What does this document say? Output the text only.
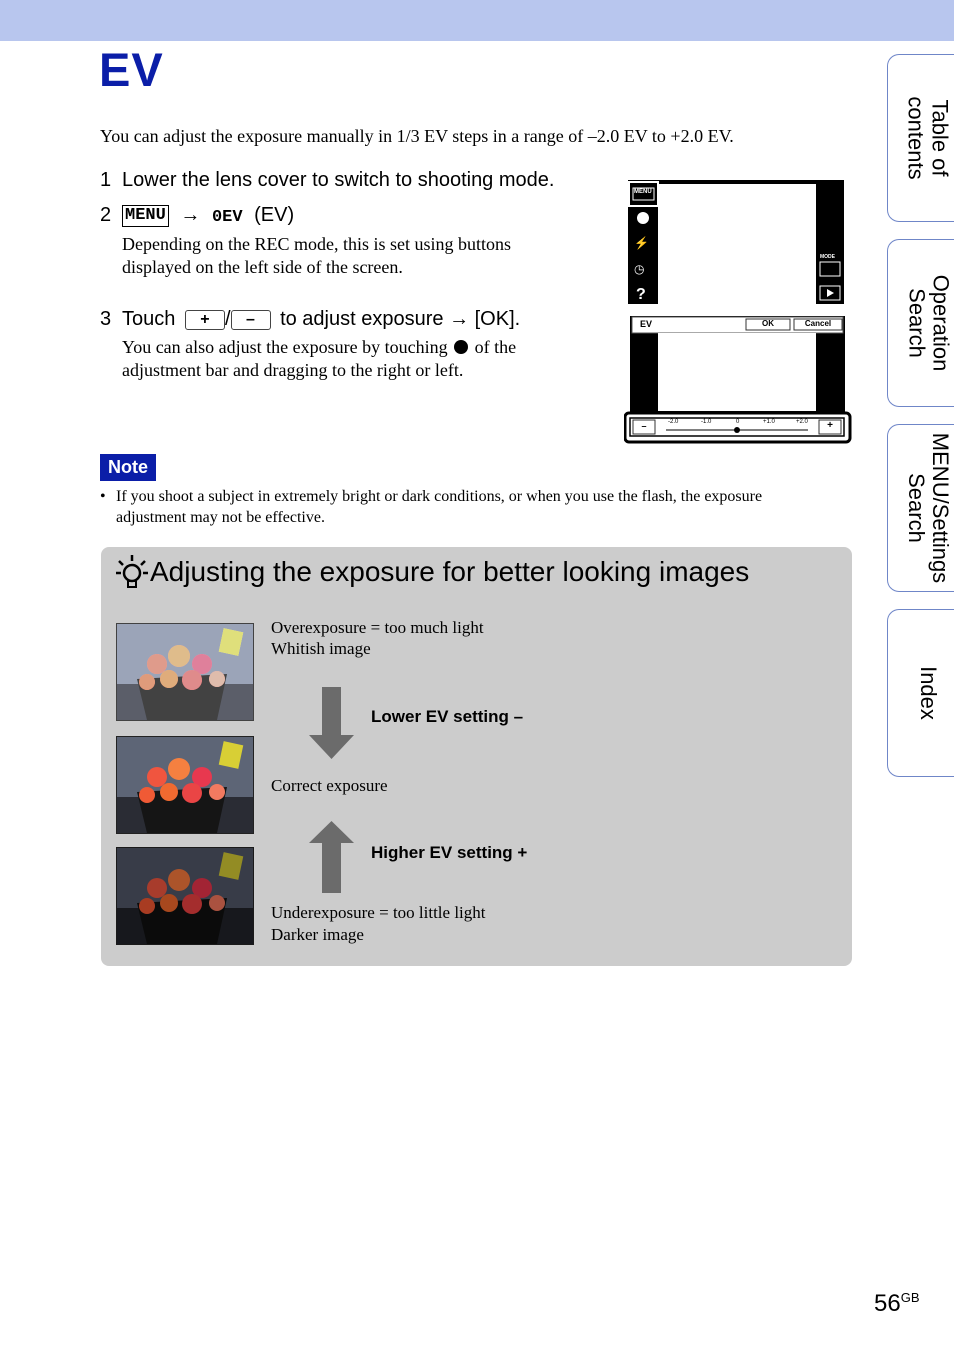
EV
You can adjust the exposure manually in 1/3 EV steps in a range of –2.0 EV to +2.0 EV.
1 Lower the lens cover to switch to shooting mode.
2 MENU → 0EV (EV)
Depending on the REC mode, this is set using buttons displayed on the left side of the screen.
3 Touch + / – to adjust exposure → [OK].
You can also adjust the exposure by touching of the adjustment bar and dragging to the right or left.
⚡
◷
?
MODE
MENU
EV	OK	Cancel
–	+
-2.0	-1.0	0	+1.0	+2.0
Note
• If you shoot a subject in extremely bright or dark conditions, or when you use the flash, the exposure adjustment may not be effective.
Adjusting the exposure for better looking images
Overexposure = too much light
Whitish image
Lower EV setting –
Correct exposure
Higher EV setting +
Underexposure = too little light
Darker image
Table of
contents
Operation
Search
MENU/Settings
Search
Index
$56^{GB}$
